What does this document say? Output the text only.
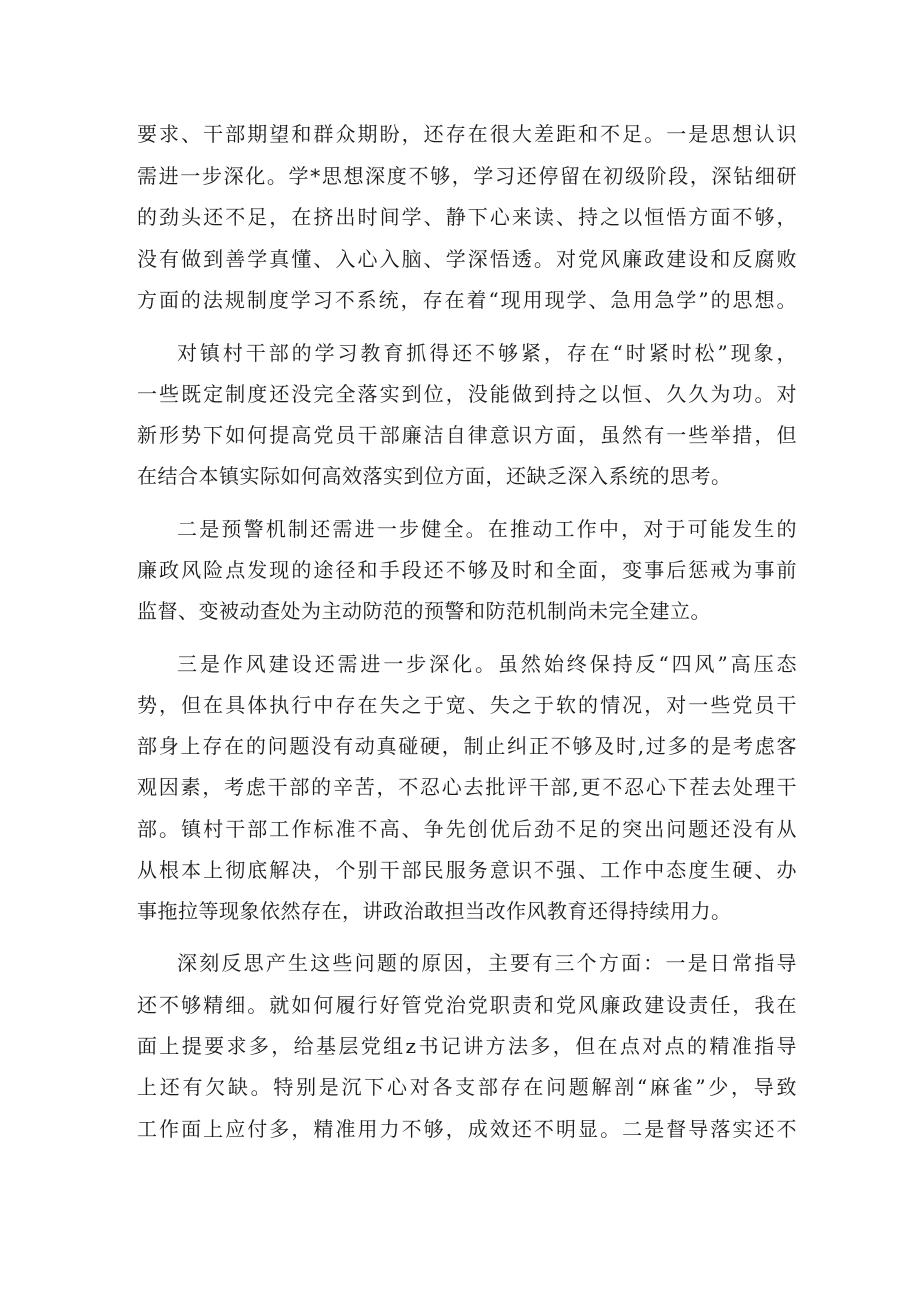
要求、干部期望和群众期盼，还存在很大差距和不足。一是思想认识
需进一步深化。学*思想深度不够，学习还停留在初级阶段，深钻细研
的劲头还不足，在挤出时间学、静下心来读、持之以恒悟方面不够，
没有做到善学真懂、入心入脑、学深悟透。对党风廉政建设和反腐败
方面的法规制度学习不系统，存在着“现用现学、急用急学”的思想。
对镇村干部的学习教育抓得还不够紧，存在“时紧时松”现象，
一些既定制度还没完全落实到位，没能做到持之以恒、久久为功。对
新形势下如何提高党员干部廉洁自律意识方面，虽然有一些举措，但
在结合本镇实际如何高效落实到位方面，还缺乏深入系统的思考。
二是预警机制还需进一步健全。在推动工作中，对于可能发生的
廉政风险点发现的途径和手段还不够及时和全面，变事后惩戒为事前
监督、变被动查处为主动防范的预警和防范机制尚未完全建立。
三是作风建设还需进一步深化。虽然始终保持反“四风”高压态
势，但在具体执行中存在失之于宽、失之于软的情况，对一些党员干
部身上存在的问题没有动真碰硬，制止纠正不够及时,过多的是考虑客
观因素，考虑干部的辛苦，不忍心去批评干部,更不忍心下茬去处理干
部。镇村干部工作标准不高、争先创优后劲不足的突出问题还没有从
从根本上彻底解决，个别干部民服务意识不强、工作中态度生硬、办
事拖拉等现象依然存在，讲政治敢担当改作风教育还得持续用力。
深刻反思产生这些问题的原因，主要有三个方面：一是日常指导
还不够精细。就如何履行好管党治党职责和党风廉政建设责任，我在
面上提要求多，给基层党组z书记讲方法多，但在点对点的精准指导
上还有欠缺。特别是沉下心对各支部存在问题解剖“麻雀”少，导致
工作面上应付多，精准用力不够，成效还不明显。二是督导落实还不
